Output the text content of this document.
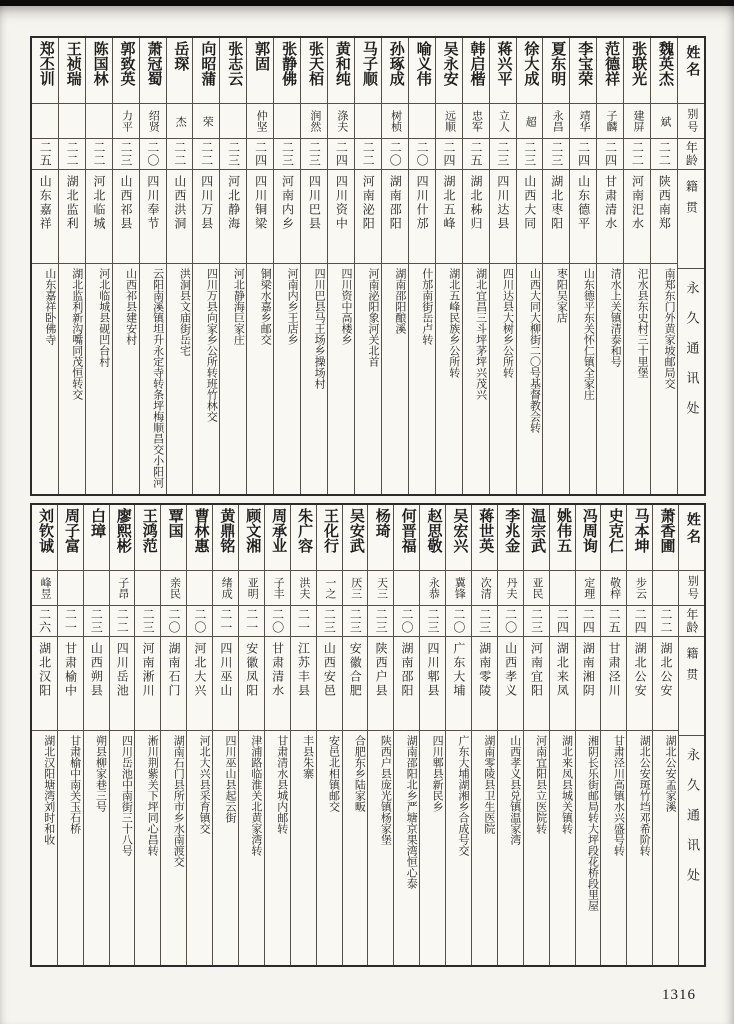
姓名
别号
年龄
籍贯
永久通讯处
魏英杰
斌
二二
陕西南郑
南郑东门外黄家坡邮局交
张联光
建屏
二二
河南汜水
汜水县东史村三十里堡
范德祥
子麟
二四
甘肃清水
清水上关镇清泰和号
李宝荣
靖华
二四
山东德平
山东德平东关怀仁镇全家庄
夏东明
永昌
二三
湖北枣阳
枣阳吴家店
徐大成
超
二三
山西大同
山西大同大柳街二〇号基督教会转
蒋兴平
立人
二三
四川达县
四川达县大树乡公所转
韩启楷
忠军
二五
湖北秭归
湖北宜昌三斗坪茅坪兴茂兴
吴永安
远顺
二四
湖北五峰
湖北五峰民族乡公所转
喻义伟
二〇
四川什邡
什邡南街岳卢转
孙琢成
树桢
二〇
湖南邵阳
湖南邵阳酿溪
马子顺
二二
河南泌阳
河南泌阳象河关北首
黄和纯
涤夫
二四
四川资中
四川资中高楼乡
张天栢
润然
二三
四川巴县
四川巴县马王场乡操场村
张静佛
二三
河南内乡
河南内乡王店乡
郭固
仲坚
二四
四川铜梁
铜梁水嘉乡邮交
张志云
二三
河北静海
河北静海巨家庄
向昭蒲
荣
二二
四川万县
四川万县向家乡公所转班竹林交
岳琛
杰
二二
山西洪洞
洪洞县文庙街岳宅
萧冠蜀
绍贤
二〇
四川奉节
云阳南溪镇坦升永定寺转条坪梅顺昌交小阳河
郭致英
力平
二三
山西祁县
山西祁县建安村
陈国林
二二
河北临城
河北临城县砚凹台村
王祯瑞
二二
湖北监利
湖北监利新沟嘴同茂恒转交
郑丕训
二五
山东嘉祥
山东嘉祥卧佛寺
姓名
别号
年龄
籍贯
永久通讯处
萧香圃
二二
湖北公安
湖北公安孟家溪
马本坤
步云
二四
湖北公安
湖北公安斑竹垱邓希阶转
史克仁
敬梓
二五
甘肃泾川
甘肃泾川高镇水兴盛号转
冯周询
定理
二四
湖南湘阴
湘阴长乐街邮局转大坪段花桥段里屋
姚伟五
二四
湖北来凤
湖北来凤县城关镇转
温宗武
亚民
二三
河南宜阳
河南宜阳县立医院转
李兆金
丹夫
二〇
山西孝义
山西孝义县兑镇温家湾
蒋世英
次清
二三
湖南零陵
湖南零陵县卫生医院
吴宏兴
冀锋
二〇
广东大埔
广东大埔湖湘乡合成号交
赵思敬
永恭
二三
四川郫县
四川郫县新民乡
何晋福
二〇
湖南邵阳
湖南邵阳北乡严塘京果湾恒心泰
杨琦
天三
二三
陕西户县
陕西户县庞光镇杨家堡
吴安武
厌三
二三
安徽合肥
合肥东乡陆家畈
王化行
一之
二三
山西安邑
安邑北相镇邮交
朱广容
洪夫
二一
江苏丰县
丰县朱寨
周承业
子丰
二〇
甘肃清水
甘肃清水县城内邮转
顾文湘
亚明
二一
安徽凤阳
津浦路临淮关北黄家湾转
黄鼎铭
绪成
二一
四川巫山
四川巫山县起云街
曹林惠
二〇
河北大兴
河北大兴县采育镇交
覃国
亲民
二〇
湖南石门
湖南石门县所市乡水南渡交
王鸿范
二三
河南淅川
淅川荆紫关下坪同心昌转
廖熙彬
子昂
二二
四川岳池
四川岳池中南街三十八号
白璋
二三
山西朔县
朔县柳家巷三号
周子富
二一
甘肃榆中
甘肃榆中南关玉石桥
刘钦诚
峰昱
二六
湖北汉阳
湖北汉阳塘湾刘时和收
1316
